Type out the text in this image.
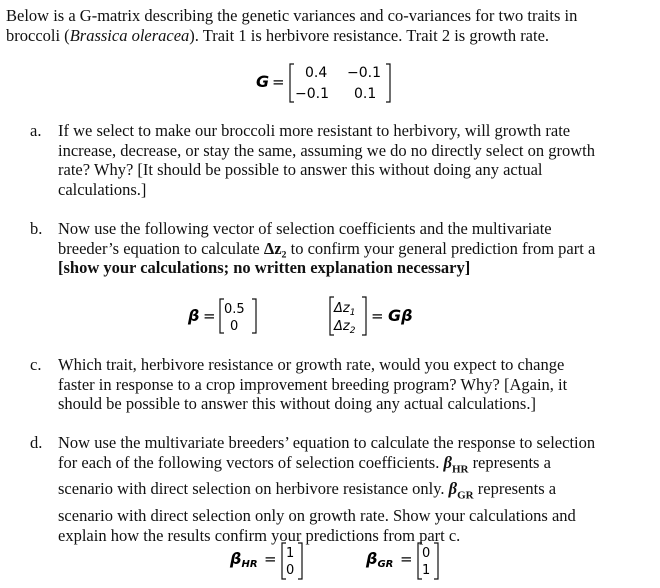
Below is a G-matrix describing the genetic variances and co-variances for two traits in
broccoli (Brassica oleracea). Trait 1 is herbivore resistance. Trait 2 is growth rate.
G = 0.4 −0.1
−0.1 0.1
a.	If we select to make our broccoli more resistant to herbivory, will growth rate
increase, decrease, or stay the same, assuming we do no directly select on growth
rate? Why? [It should be possible to answer this without doing any actual
calculations.]
b. Now use the following vector of selection coefficients and the multivariate
breeder’s equation to calculate Δz₂ to confirm your general prediction from part a
[show your calculations; no written explanation necessary]
β = 0.5
0
$\Delta z_1$
$\Delta z_2$
= Gβ
c.	Which trait, herbivore resistance or growth rate, would you expect to change
faster in response to a crop improvement breeding program? Why? [Again, it
should be possible to answer this without doing any actual calculations.]
d. Now use the multivariate breeders’ equation to calculate the response to selection
for each of the following vectors of selection coefficients. $\beta_{HR}$ represents a
scenario with direct selection on herbivore resistance only. $\beta_{GR}$ represents a
scenario with direct selection only on growth rate. Show your calculations and
explain how the results confirm your predictions from part c.
βHR = 1
0
βGR = 0
1
